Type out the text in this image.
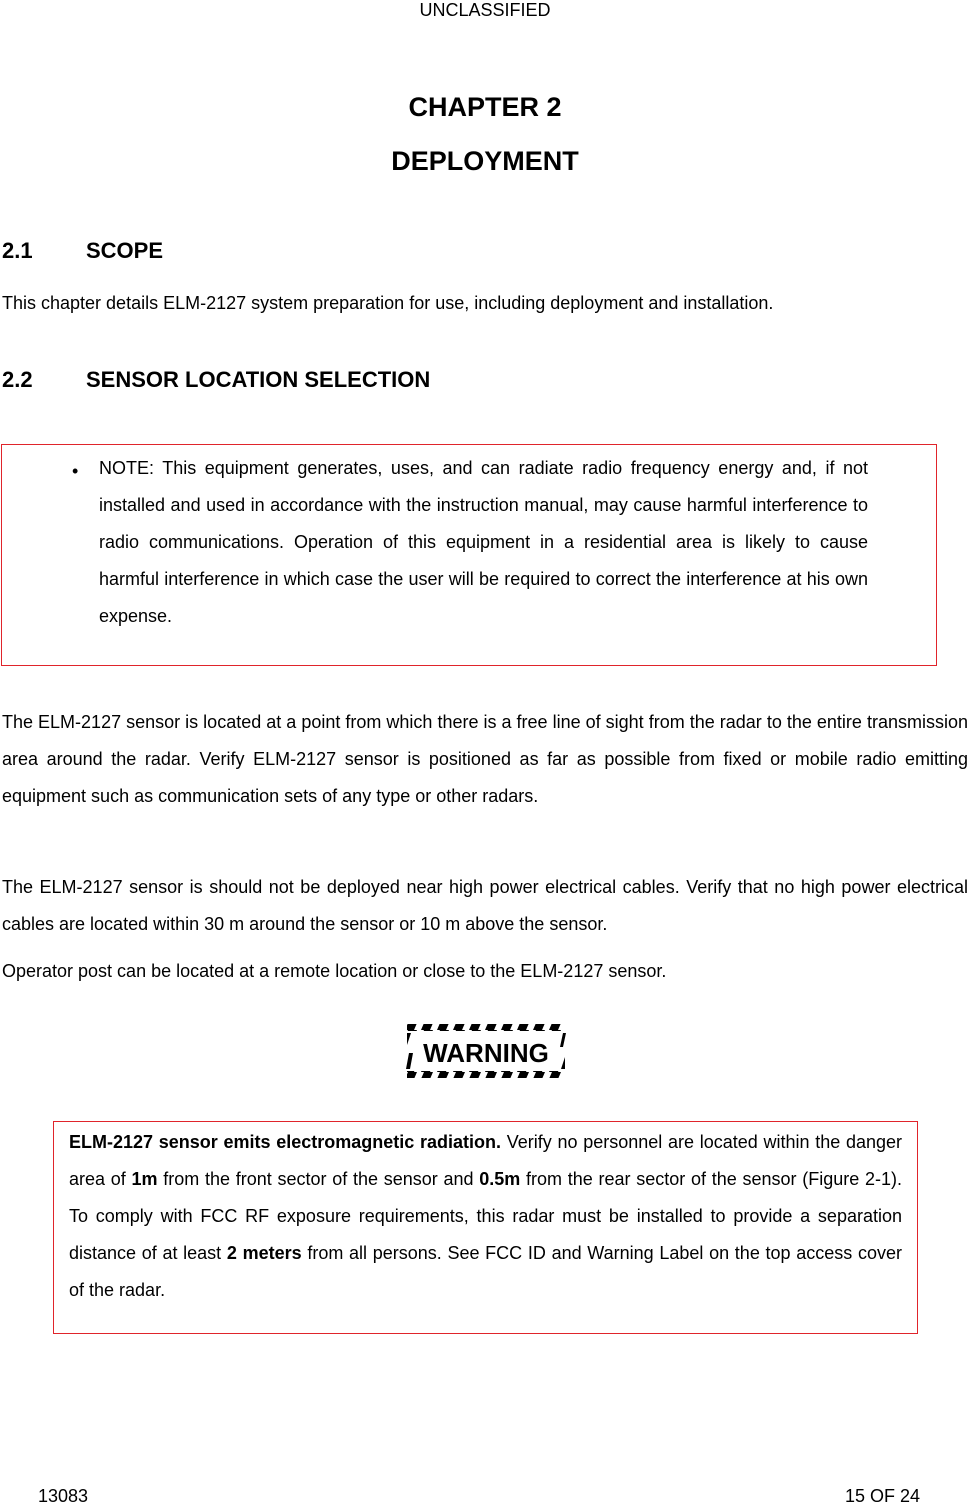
UNCLASSIFIED
CHAPTER 2
DEPLOYMENT
2.1 SCOPE
This chapter details ELM-2127 system preparation for use, including deployment and installation.
2.2 SENSOR LOCATION SELECTION
• NOTE: This equipment generates, uses, and can radiate radio frequency energy and, if not installed and used in accordance with the instruction manual, may cause harmful interference to radio communications. Operation of this equipment in a residential area is likely to cause harmful interference in which case the user will be required to correct the interference at his own expense.
The ELM-2127 sensor is located at a point from which there is a free line of sight from the radar to the entire transmission area around the radar. Verify ELM-2127 sensor is positioned as far as possible from fixed or mobile radio emitting equipment such as communication sets of any type or other radars.
The ELM-2127 sensor is should not be deployed near high power electrical cables. Verify that no high power electrical cables are located within 30 m around the sensor or 10 m above the sensor.
Operator post can be located at a remote location or close to the ELM-2127 sensor.
WARNING
ELM-2127 sensor emits electromagnetic radiation. Verify no personnel are located within the danger area of 1m from the front sector of the sensor and 0.5m from the rear sector of the sensor (Figure 2-1). To comply with FCC RF exposure requirements, this radar must be installed to provide a separation distance of at least 2 meters from all persons. See FCC ID and Warning Label on the top access cover of the radar.
13083	15 OF 24
